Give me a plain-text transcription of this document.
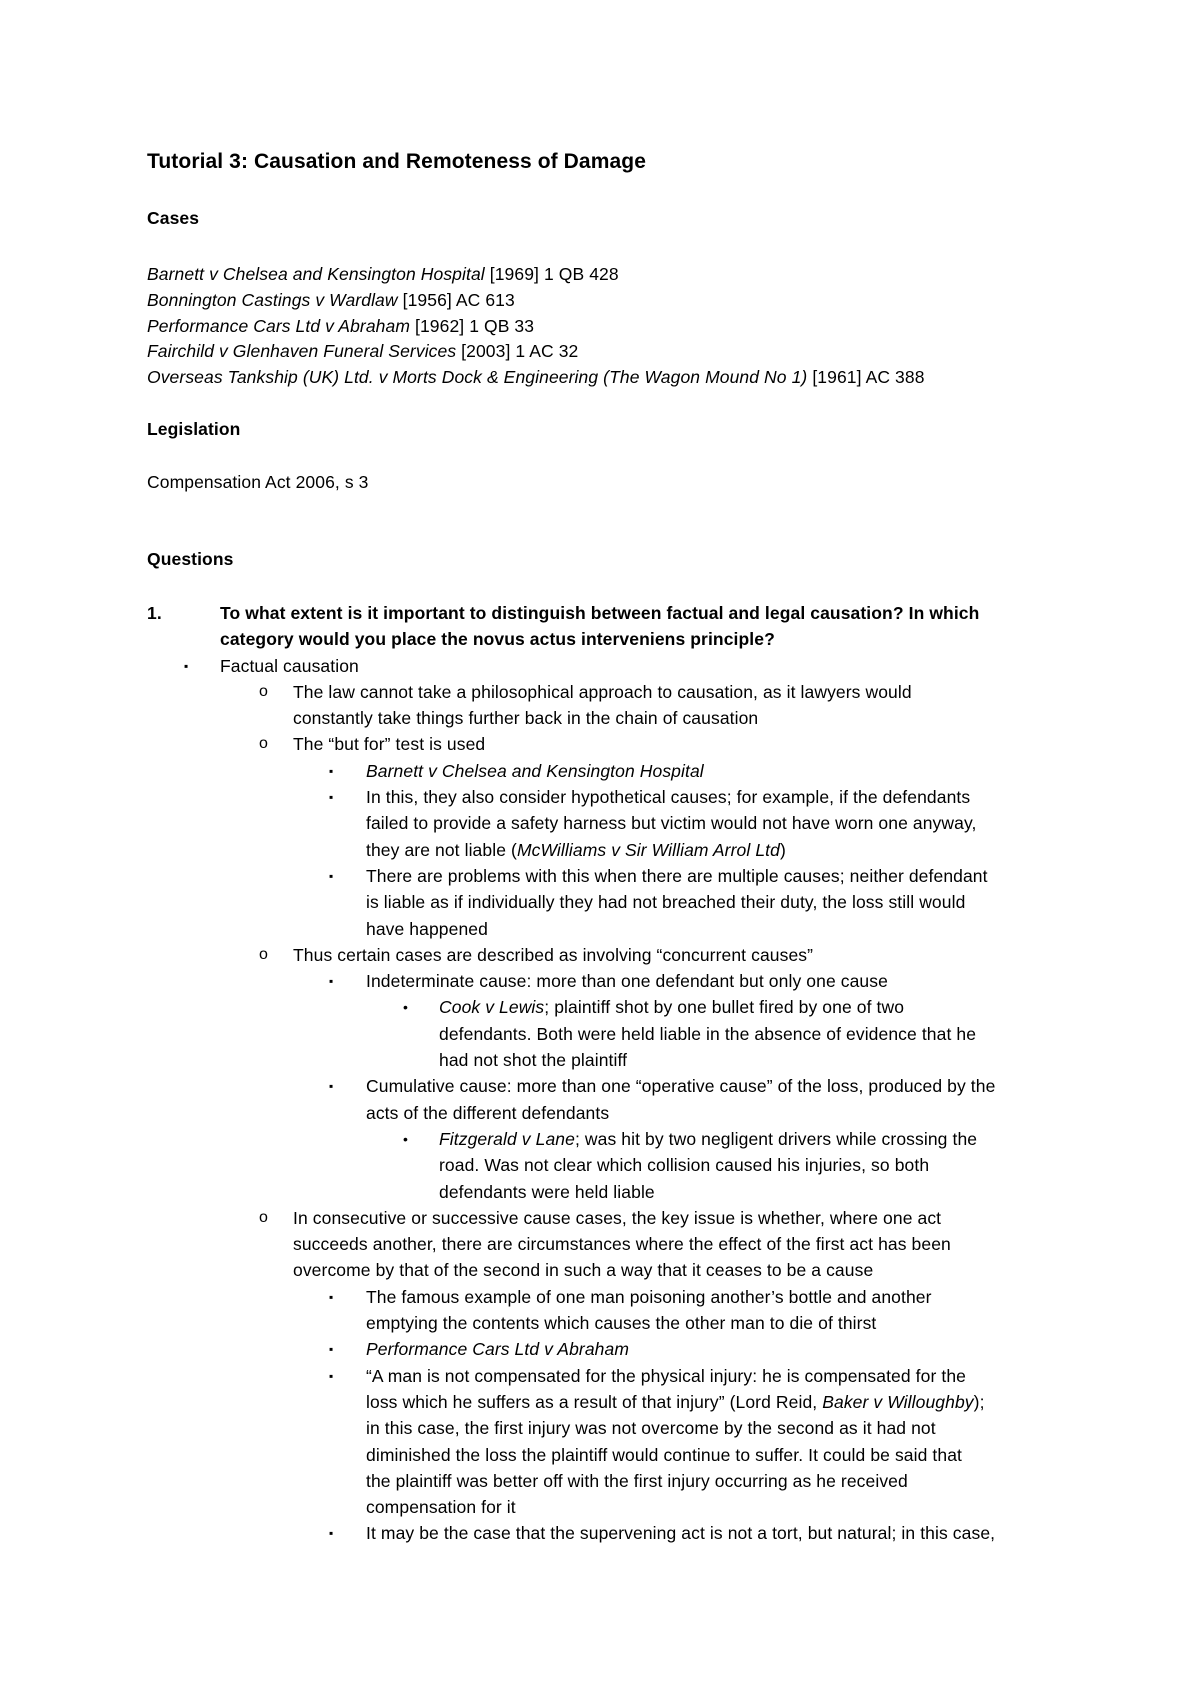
Tutorial 3: Causation and Remoteness of Damage
Cases
Barnett v Chelsea and Kensington Hospital [1969] 1 QB 428
Bonnington Castings v Wardlaw [1956] AC 613
Performance Cars Ltd v Abraham [1962] 1 QB 33
Fairchild v Glenhaven Funeral Services [2003] 1 AC 32
Overseas Tankship (UK) Ltd. v Morts Dock & Engineering (The Wagon Mound No 1) [1961] AC 388
Legislation
Compensation Act 2006, s 3
Questions
1.	To what extent is it important to distinguish between factual and legal causation? In which
category would you place the novus actus interveniens principle?
▪ Factual causation
o The law cannot take a philosophical approach to causation, as it lawyers would
constantly take things further back in the chain of causation
o The “but for” test is used
▪ Barnett v Chelsea and Kensington Hospital
▪ In this, they also consider hypothetical causes; for example, if the defendants
failed to provide a safety harness but victim would not have worn one anyway,
they are not liable (McWilliams v Sir William Arrol Ltd)
▪ There are problems with this when there are multiple causes; neither defendant
is liable as if individually they had not breached their duty, the loss still would
have happened
o Thus certain cases are described as involving “concurrent causes”
▪ Indeterminate cause: more than one defendant but only one cause
• Cook v Lewis; plaintiff shot by one bullet fired by one of two
defendants. Both were held liable in the absence of evidence that he
had not shot the plaintiff
▪ Cumulative cause: more than one “operative cause” of the loss, produced by the
acts of the different defendants
• Fitzgerald v Lane; was hit by two negligent drivers while crossing the
road. Was not clear which collision caused his injuries, so both
defendants were held liable
o In consecutive or successive cause cases, the key issue is whether, where one act
succeeds another, there are circumstances where the effect of the first act has been
overcome by that of the second in such a way that it ceases to be a cause
▪ The famous example of one man poisoning another’s bottle and another
emptying the contents which causes the other man to die of thirst
▪ Performance Cars Ltd v Abraham
▪ “A man is not compensated for the physical injury: he is compensated for the
loss which he suffers as a result of that injury” (Lord Reid, Baker v Willoughby);
in this case, the first injury was not overcome by the second as it had not
diminished the loss the plaintiff would continue to suffer. It could be said that
the plaintiff was better off with the first injury occurring as he received
compensation for it
▪ It may be the case that the supervening act is not a tort, but natural; in this case,
